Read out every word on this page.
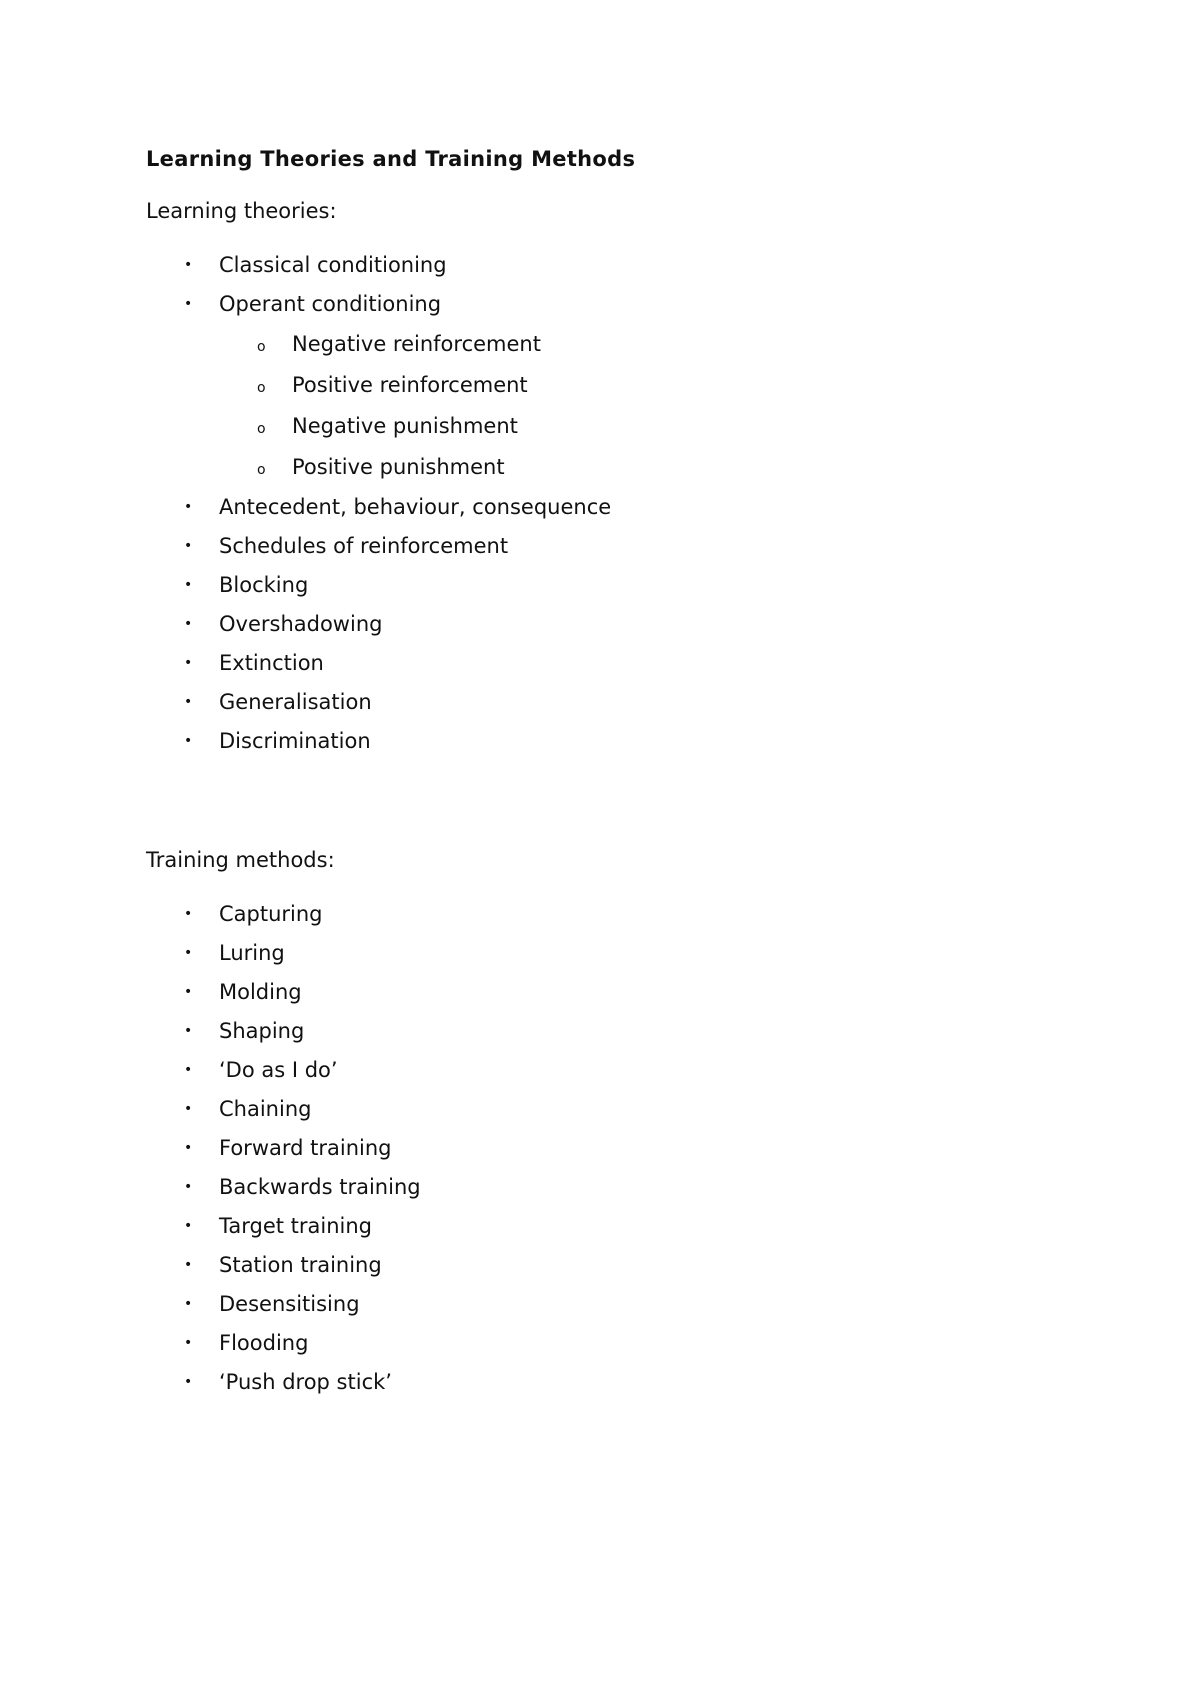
Learning Theories and Training Methods

Learning theories:

• Classical conditioning
• Operant conditioning
o Negative reinforcement
o Positive reinforcement
o Negative punishment
o Positive punishment
• Antecedent, behaviour, consequence
• Schedules of reinforcement
• Blocking
• Overshadowing
• Extinction
• Generalisation
• Discrimination

Training methods:

• Capturing
• Luring
• Molding
• Shaping
• ‘Do as I do’
• Chaining
• Forward training
• Backwards training
• Target training
• Station training
• Desensitising
• Flooding
• ‘Push drop stick’
